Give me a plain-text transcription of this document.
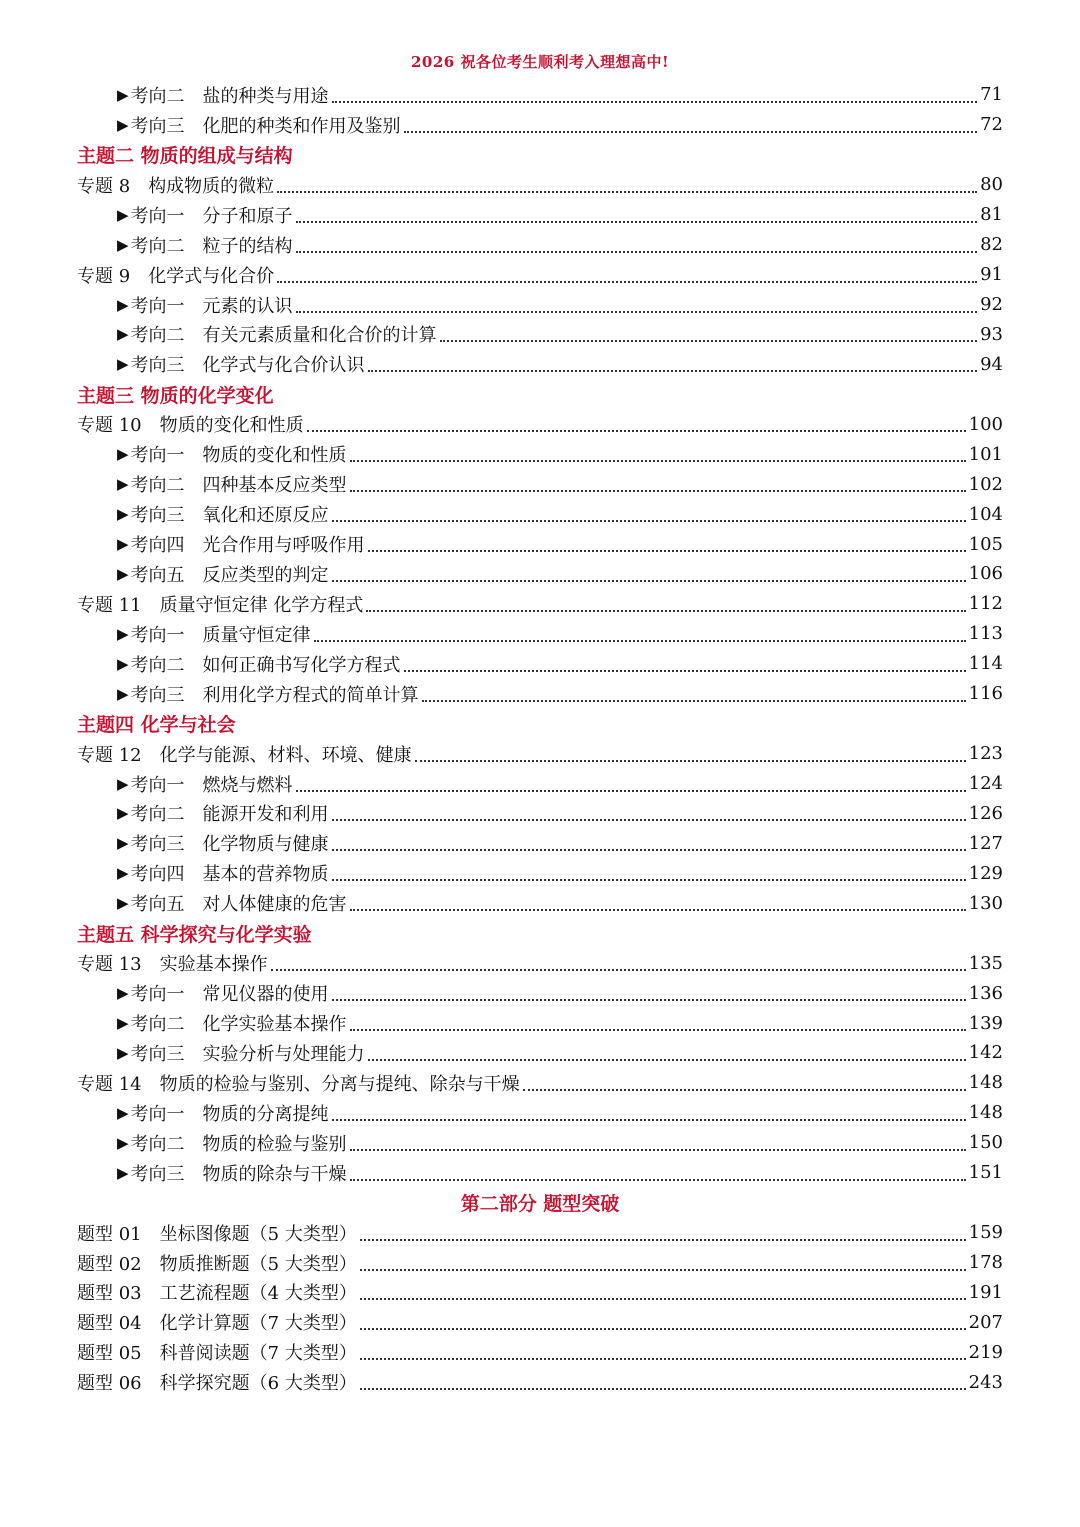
2026 祝各位考生顺利考入理想高中!
▶ 考向二 盐的种类与用途	71
▶ 考向三 化肥的种类和作用及鉴别	72
主题二 物质的组成与结构
专题 8 构成物质的微粒	80
▶ 考向一 分子和原子	81
▶ 考向二 粒子的结构	82
专题 9 化学式与化合价	91
▶ 考向一 元素的认识	92
▶ 考向二 有关元素质量和化合价的计算	93
▶ 考向三 化学式与化合价认识	94
主题三 物质的化学变化
专题 10 物质的变化和性质	100
▶ 考向一 物质的变化和性质	101
▶ 考向二 四种基本反应类型	102
▶ 考向三 氧化和还原反应	104
▶ 考向四 光合作用与呼吸作用	105
▶ 考向五 反应类型的判定	106
专题 11 质量守恒定律 化学方程式	112
▶ 考向一 质量守恒定律	113
▶ 考向二 如何正确书写化学方程式	114
▶ 考向三 利用化学方程式的简单计算	116
主题四 化学与社会
专题 12 化学与能源、材料、环境、健康	123
▶ 考向一 燃烧与燃料	124
▶ 考向二 能源开发和利用	126
▶ 考向三 化学物质与健康	127
▶ 考向四 基本的营养物质	129
▶ 考向五 对人体健康的危害	130
主题五 科学探究与化学实验
专题 13 实验基本操作	135
▶ 考向一 常见仪器的使用	136
▶ 考向二 化学实验基本操作	139
▶ 考向三 实验分析与处理能力	142
专题 14 物质的检验与鉴别、分离与提纯、除杂与干燥	148
▶ 考向一 物质的分离提纯	148
▶ 考向二 物质的检验与鉴别	150
▶ 考向三 物质的除杂与干燥	151
第二部分 题型突破
题型 01 坐标图像题（5 大类型）	159
题型 02 物质推断题（5 大类型）	178
题型 03 工艺流程题（4 大类型）	191
题型 04 化学计算题（7 大类型）	207
题型 05 科普阅读题（7 大类型）	219
题型 06 科学探究题（6 大类型）	243
